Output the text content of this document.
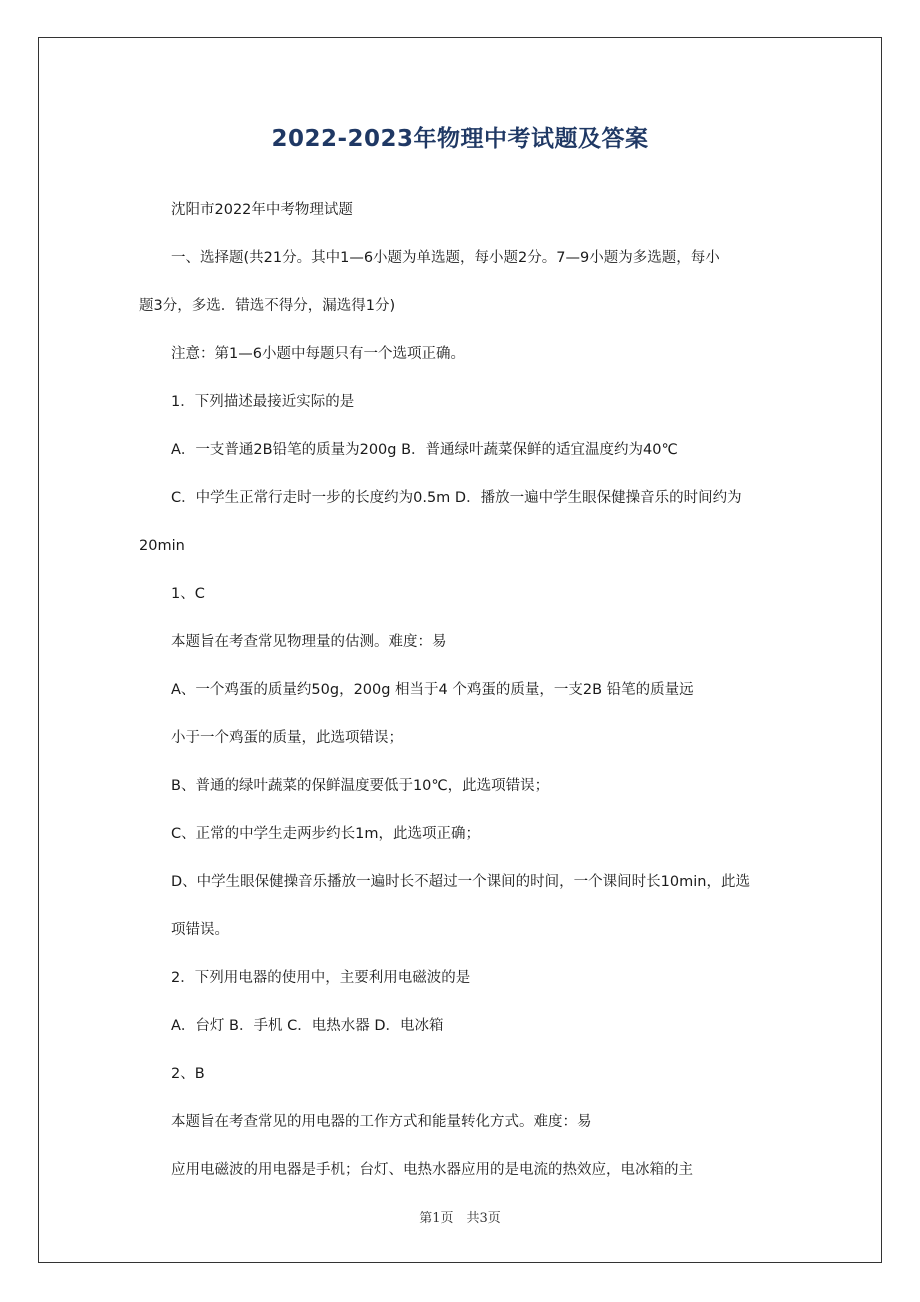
2022-2023年物理中考试题及答案
沈阳市2022年中考物理试题
一、选择题(共21分。其中1—6小题为单选题，每小题2分。7—9小题为多选题，每小
题3分，多选．错选不得分，漏选得1分)
注意：第1—6小题中每题只有一个选项正确。
1．下列描述最接近实际的是
A．一支普通2B铅笔的质量为200g B．普通绿叶蔬菜保鲜的适宜温度约为40℃
C．中学生正常行走时一步的长度约为0.5m D．播放一遍中学生眼保健操音乐的时间约为
20min
1、C
本题旨在考查常见物理量的估测。难度：易
A、一个鸡蛋的质量约50g，200g 相当于4 个鸡蛋的质量，一支2B 铅笔的质量远
小于一个鸡蛋的质量，此选项错误；
B、普通的绿叶蔬菜的保鲜温度要低于10℃，此选项错误；
C、正常的中学生走两步约长1m，此选项正确；
D、中学生眼保健操音乐播放一遍时长不超过一个课间的时间，一个课间时长10min，此选
项错误。
2．下列用电器的使用中，主要利用电磁波的是
A．台灯 B．手机 C．电热水器 D．电冰箱
2、B
本题旨在考查常见的用电器的工作方式和能量转化方式。难度：易
应用电磁波的用电器是手机；台灯、电热水器应用的是电流的热效应，电冰箱的主
第1页　共3页
